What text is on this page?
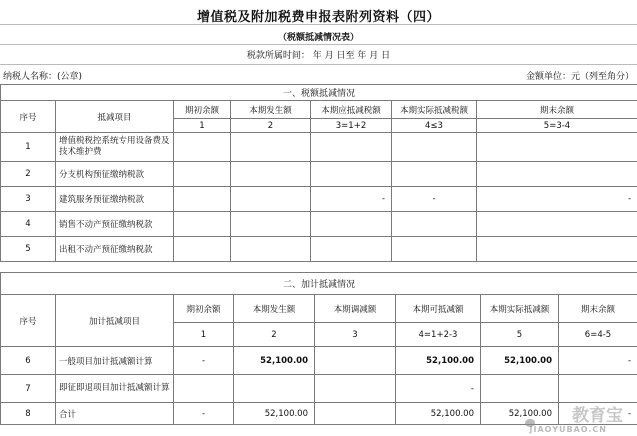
增值税及附加税费申报表附列资料（四）
（税额抵减情况表）
税款所属时间： 年 月 日至 年 月 日
纳税人名称：(公章)	金额单位：元（列至角分）
一、税额抵减情况						
序号	抵减项目	期初余额	本期发生额	本期应抵减税额	本期实际抵减税额	期末余额
		1	2	3=1+2	4≤3	5=3-4
1	增值税税控系统专用设备费及技术维护费					
2	分支机构预征缴纳税款					
3	建筑服务预征缴纳税款			-	-	-
4	销售不动产预征缴纳税款					
5	出租不动产预征缴纳税款					
二、加计抵减情况							
序号	加计抵减项目	期初余额	本期发生额	本期调减额	本期可抵减额	本期实际抵减额	期末余额
		1	2	3	4=1+2-3	5	6=4-5
6	一般项目加计抵减额计算	-	52,100.00		52,100.00	52,100.00	-
7	即征即退项目加计抵减额计算				-		
8	合计	-	52,100.00		52,100.00	52,100.00	-
教育宝
JIAOYUBAO.CN
